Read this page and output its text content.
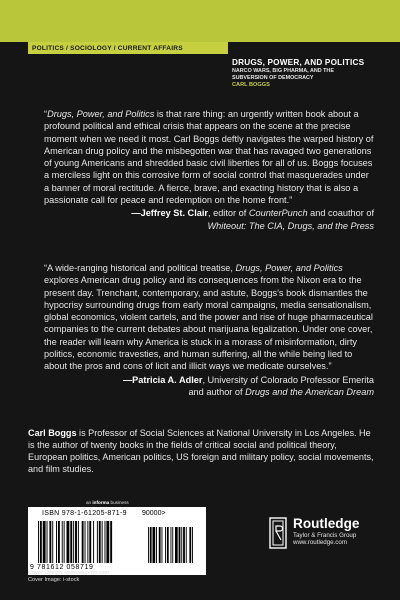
POLITICS / SOCIOLOGY / CURRENT AFFAIRS
DRUGS, POWER, AND POLITICS
NARCO WARS, BIG PHARMA, AND THE
SUBVERSION OF DEMOCRACY
CARL BOGGS

“Drugs, Power, and Politics is that rare thing: an urgently written book about a profound political and ethical crisis that appears on the scene at the precise moment when we need it most. Carl Boggs deftly navigates the warped history of American drug policy and the misbegotten war that has ravaged two generations of young Americans and shredded basic civil liberties for all of us. Boggs focuses a merciless light on this corrosive form of social control that masquerades under a banner of moral rectitude. A fierce, brave, and exacting history that is also a passionate call for peace and redemption on the home front.”

—Jeffrey St. Clair, editor of CounterPunch and coauthor of
Whiteout: The CIA, Drugs, and the Press

“A wide-ranging historical and political treatise, Drugs, Power, and Politics explores American drug policy and its consequences from the Nixon era to the present day. Trenchant, contemporary, and astute, Boggs’s book dismantles the hypocrisy surrounding drugs from early moral campaigns, media sensationalism, global economics, violent cartels, and the power and rise of huge pharmaceutical companies to the current debates about marijuana legalization. Under one cover, the reader will learn why America is stuck in a morass of misinformation, dirty politics, economic travesties, and human suffering, all the while being lied to about the pros and cons of licit and illicit ways we medicate ourselves.”

—Patricia A. Adler, University of Colorado Professor Emerita
and author of Drugs and the American Dream

Carl Boggs is Professor of Social Sciences at National University in Los Angeles. He is the author of twenty books in the fields of critical social and political theory, European politics, American politics, US foreign and military policy, social movements, and film studies.

an informa business
ISBN 978-1-61205-871-9 90000>
9 781612 058719
Cover Design: www.idea-no.com
Cover Image: i-stock
Routledge
Taylor & Francis Group
www.routledge.com
